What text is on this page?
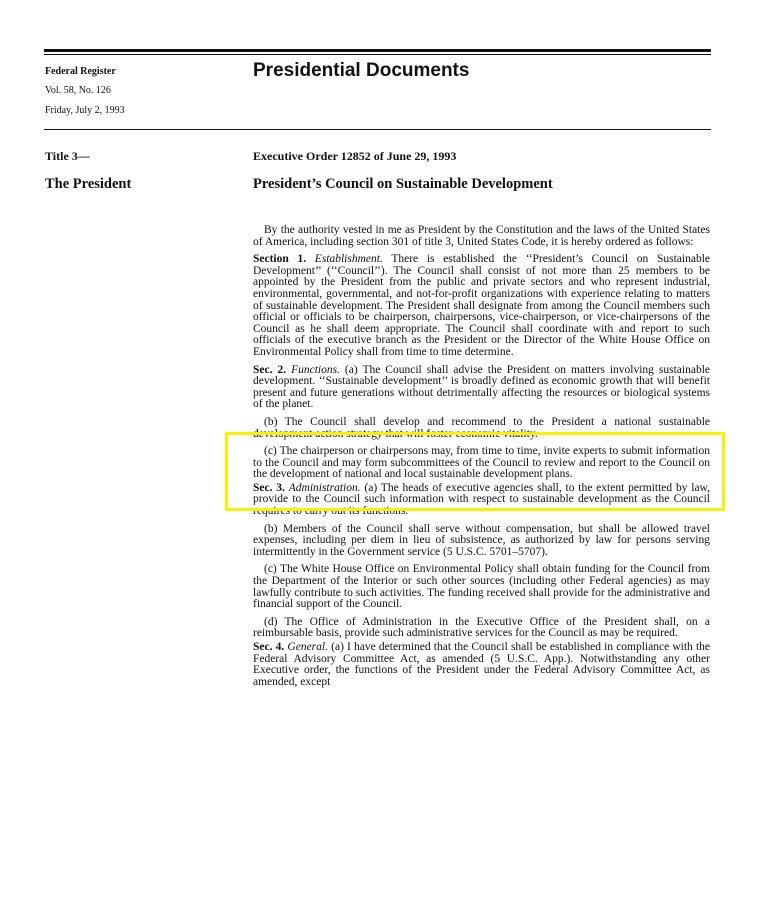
Federal Register
Vol. 58, No. 126
Friday, July 2, 1993
Presidential Documents
Title 3—	Executive Order 12852 of June 29, 1993
The President	President’s Council on Sustainable Development

By the authority vested in me as President by the Constitution and the laws of the United States of America, including section 301 of title 3, United States Code, it is hereby ordered as follows:

Section 1. Establishment. There is established the ‘‘President’s Council on Sustainable Development’’ (‘‘Council’’). The Council shall consist of not more than 25 members to be appointed by the President from the public and private sectors and who represent industrial, environmental, governmental, and not-for-profit organizations with experience relating to matters of sustainable development. The President shall designate from among the Council members such official or officials to be chairperson, chairpersons, vice-chairperson, or vice-chairpersons of the Council as he shall deem appropriate. The Council shall coordinate with and report to such officials of the executive branch as the President or the Director of the White House Office on Environmental Policy shall from time to time determine.

Sec. 2. Functions. (a) The Council shall advise the President on matters involving sustainable development. ‘‘Sustainable development’’ is broadly defined as economic growth that will benefit present and future generations without detrimentally affecting the resources or biological systems of the planet.

(b) The Council shall develop and recommend to the President a national sustainable development action strategy that will foster economic vitality.

(c) The chairperson or chairpersons may, from time to time, invite experts to submit information to the Council and may form subcommittees of the Council to review and report to the Council on the development of national and local sustainable development plans.

Sec. 3. Administration. (a) The heads of executive agencies shall, to the extent permitted by law, provide to the Council such information with respect to sustainable development as the Council requires to carry out its functions.

(b) Members of the Council shall serve without compensation, but shall be allowed travel expenses, including per diem in lieu of subsistence, as authorized by law for persons serving intermittently in the Government service (5 U.S.C. 5701–5707).

(c) The White House Office on Environmental Policy shall obtain funding for the Council from the Department of the Interior or such other sources (including other Federal agencies) as may lawfully contribute to such activities. The funding received shall provide for the administrative and financial support of the Council.

(d) The Office of Administration in the Executive Office of the President shall, on a reimbursable basis, provide such administrative services for the Council as may be required.

Sec. 4. General. (a) I have determined that the Council shall be established in compliance with the Federal Advisory Committee Act, as amended (5 U.S.C. App.). Notwithstanding any other Executive order, the functions of the President under the Federal Advisory Committee Act, as amended, except
